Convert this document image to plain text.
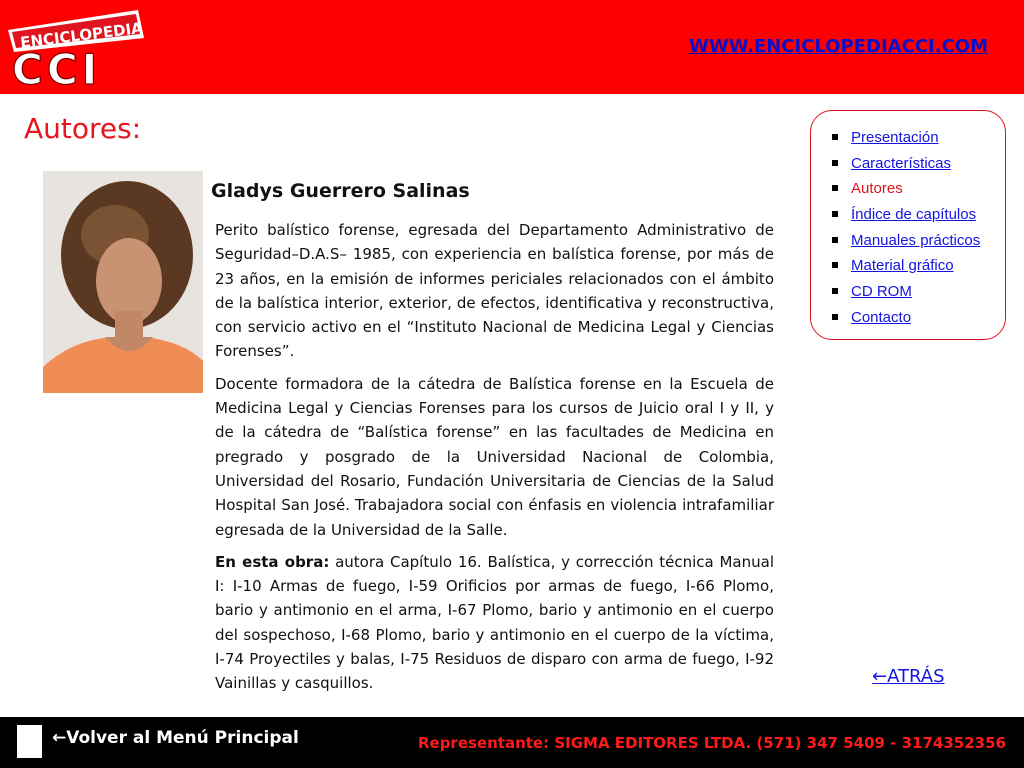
ENCICLOPEDIA
CCI	WWW.ENCICLOPEDIACCI.COM
Autores:
Gladys Guerrero Salinas

Perito balístico forense, egresada del Departamento Administrativo de Seguridad–D.A.S– 1985, con experiencia en balística forense, por más de 23 años, en la emisión de informes periciales relacionados con el ámbito de la balística interior, exterior, de efectos, identificativa y reconstructiva, con servicio activo en el “Instituto Nacional de Medicina Legal y Ciencias Forenses”.

Docente formadora de la cátedra de Balística forense en la Escuela de Medicina Legal y Ciencias Forenses para los cursos de Juicio oral I y II, y de la cátedra de “Balística forense” en las facultades de Medicina en pregrado y posgrado de la Universidad Nacional de Colombia, Universidad del Rosario, Fundación Universitaria de Ciencias de la Salud Hospital San José. Trabajadora social con énfasis en violencia intrafamiliar egresada de la Universidad de la Salle.

En esta obra: autora Capítulo 16. Balística, y corrección técnica Manual I: I-10 Armas de fuego, I-59 Orificios por armas de fuego, I-66 Plomo, bario y antimonio en el arma, I-67 Plomo, bario y antimonio en el cuerpo del sospechoso, I-68 Plomo, bario y antimonio en el cuerpo de la víctima, I-74 Proyectiles y balas, I-75 Residuos de disparo con arma de fuego, I-92 Vainillas y casquillos.

Presentación
Características
Autores
Índice de capítulos
Manuales prácticos
Material gráfico
CD ROM
Contacto
←ATRÁS
←Volver al Menú Principal	Representante: SIGMA EDITORES LTDA. (571) 347 5409 - 3174352356
